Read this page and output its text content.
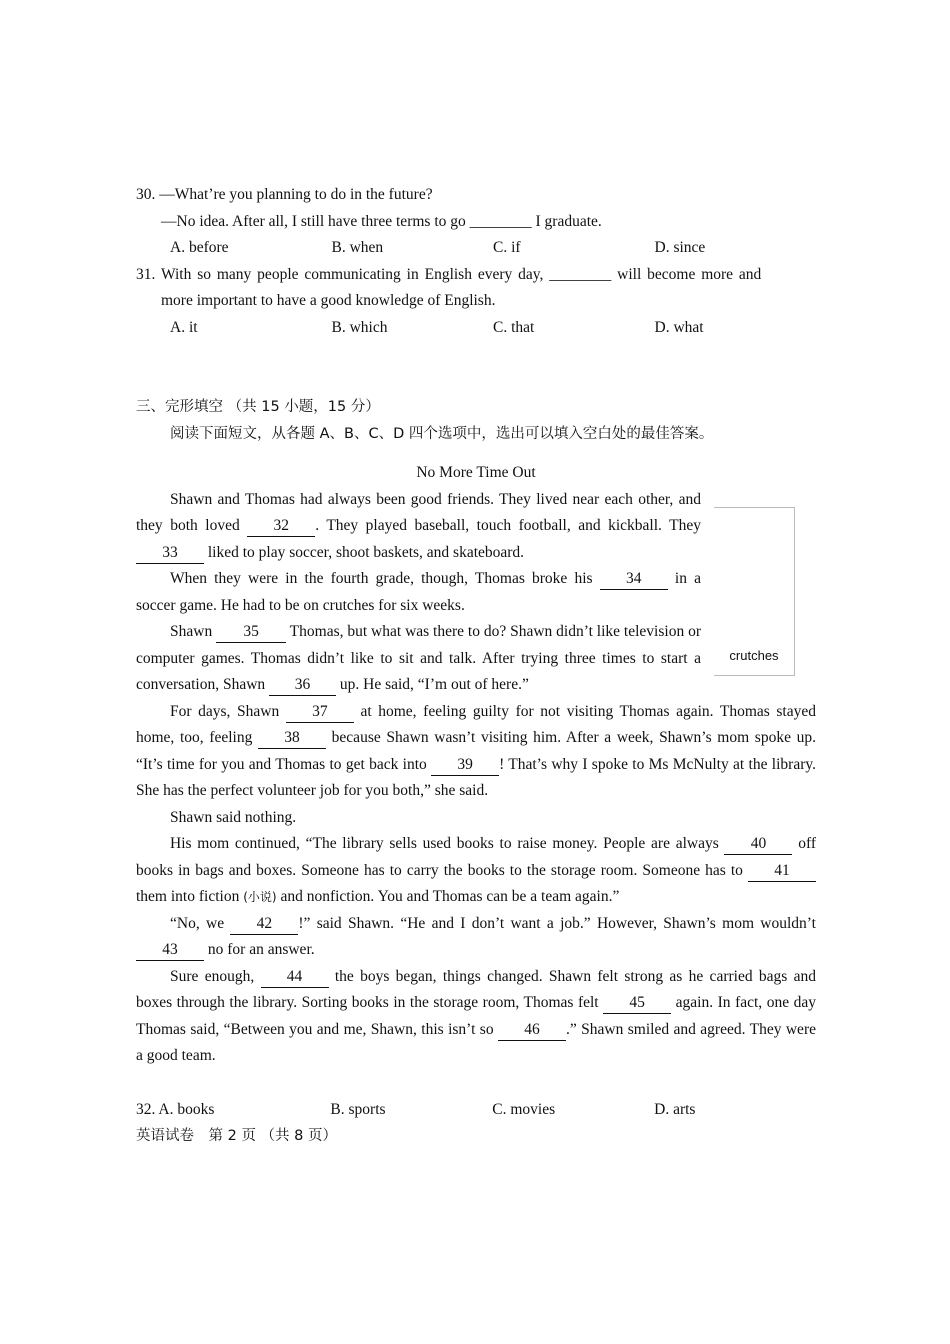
30. —What’re you planning to do in the future?
—No idea. After all, I still have three terms to go ________ I graduate.
A. before	B. when	C. if	D. since
31. With so many people communicating in English every day, ________ will become more and
more important to have a good knowledge of English.
A. it	B. which	C. that	D. what
三、完形填空 （共 15 小题，15 分）
阅读下面短文，从各题 A、B、C、D 四个选项中，选出可以填入空白处的最佳答案。
No More Time Out
Shawn and Thomas had always been good friends. They lived near each other, and they both loved 32 . They played baseball, touch football, and kickball. They 33 liked to play soccer, shoot baskets, and skateboard.
When they were in the fourth grade, though, Thomas broke his 34 in a soccer game. He had to be on crutches for six weeks.
Shawn 35 Thomas, but what was there to do? Shawn didn’t like television or computer games. Thomas didn’t like to sit and talk. After trying three times to start a conversation, Shawn 36 up. He said, “I’m out of here.”
For days, Shawn 37 at home, feeling guilty for not visiting Thomas again. Thomas stayed home, too, feeling 38 because Shawn wasn’t visiting him. After a week, Shawn’s mom spoke up. “It’s time for you and Thomas to get back into 39 ! That’s why I spoke to Ms McNulty at the library. She has the perfect volunteer job for you both,” she said.
Shawn said nothing.
His mom continued, “The library sells used books to raise money. People are always 40 off books in bags and boxes. Someone has to carry the books to the storage room. Someone has to 41 them into fiction (小说) and nonfiction. You and Thomas can be a team again.”
“No, we 42 !” said Shawn. “He and I don’t want a job.” However, Shawn’s mom wouldn’t 43 no for an answer.
Sure enough, 44 the boys began, things changed. Shawn felt strong as he carried bags and boxes through the library. Sorting books in the storage room, Thomas felt 45 again. In fact, one day Thomas said, “Between you and me, Shawn, this isn’t so 46 .” Shawn smiled and agreed. They were a good team.
32. A. books	B. sports	C. movies	D. arts
英语试卷　第 2 页 （共 8 页）
crutches
